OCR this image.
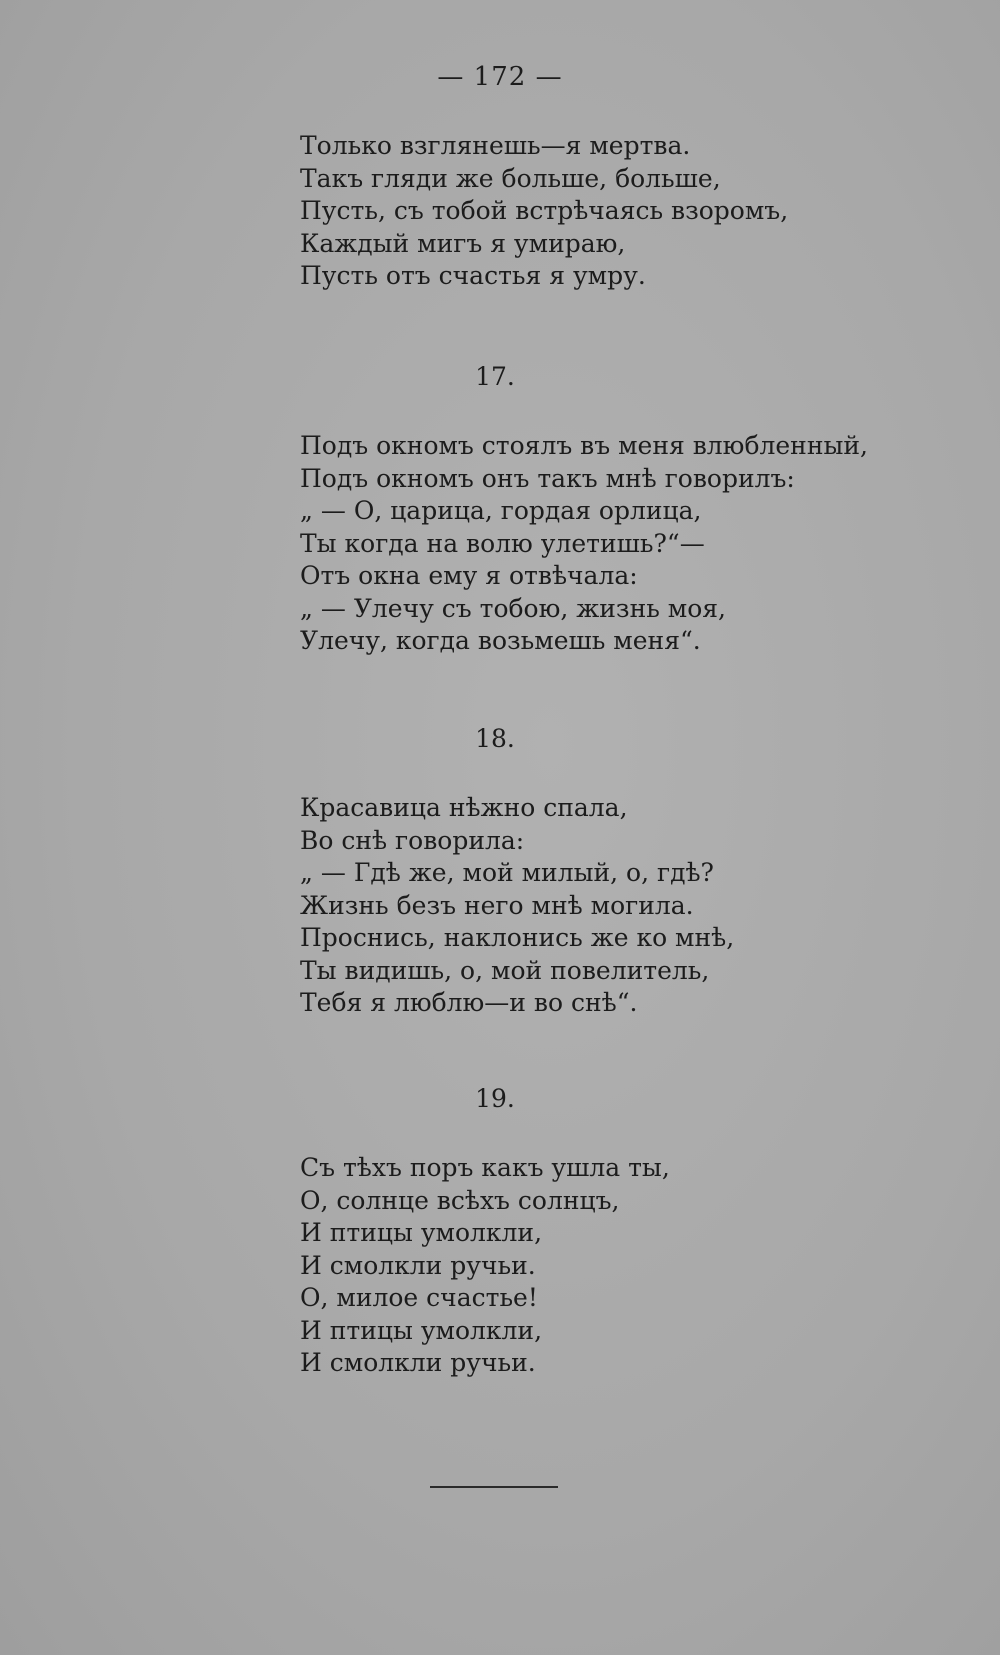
— 172 —
Только взглянешь—я мертва.
Такъ гляди же больше, больше,
Пусть, съ тобой встрѣчаясь взоромъ,
Каждый мигъ я умираю,
Пусть отъ счастья я умру.
17.
Подъ окномъ стоялъ въ меня влюбленный,
Подъ окномъ онъ такъ мнѣ говорилъ:
„ — О, царица, гордая орлица,
Ты когда на волю улетишь?“—
Отъ окна ему я отвѣчала:
„ — Улечу съ тобою, жизнь моя,
Улечу, когда возьмешь меня“.
18.
Красавица нѣжно спала,
Во снѣ говорила:
„ — Гдѣ же, мой милый, о, гдѣ?
Жизнь безъ него мнѣ могила.
Проснись, наклонись же ко мнѣ,
Ты видишь, о, мой повелитель,
Тебя я люблю—и во снѣ“.
19.
Съ тѣхъ поръ какъ ушла ты,
О, солнце всѣхъ солнцъ,
И птицы умолкли,
И смолкли ручьи.
О, милое счастье!
И птицы умолкли,
И смолкли ручьи.
